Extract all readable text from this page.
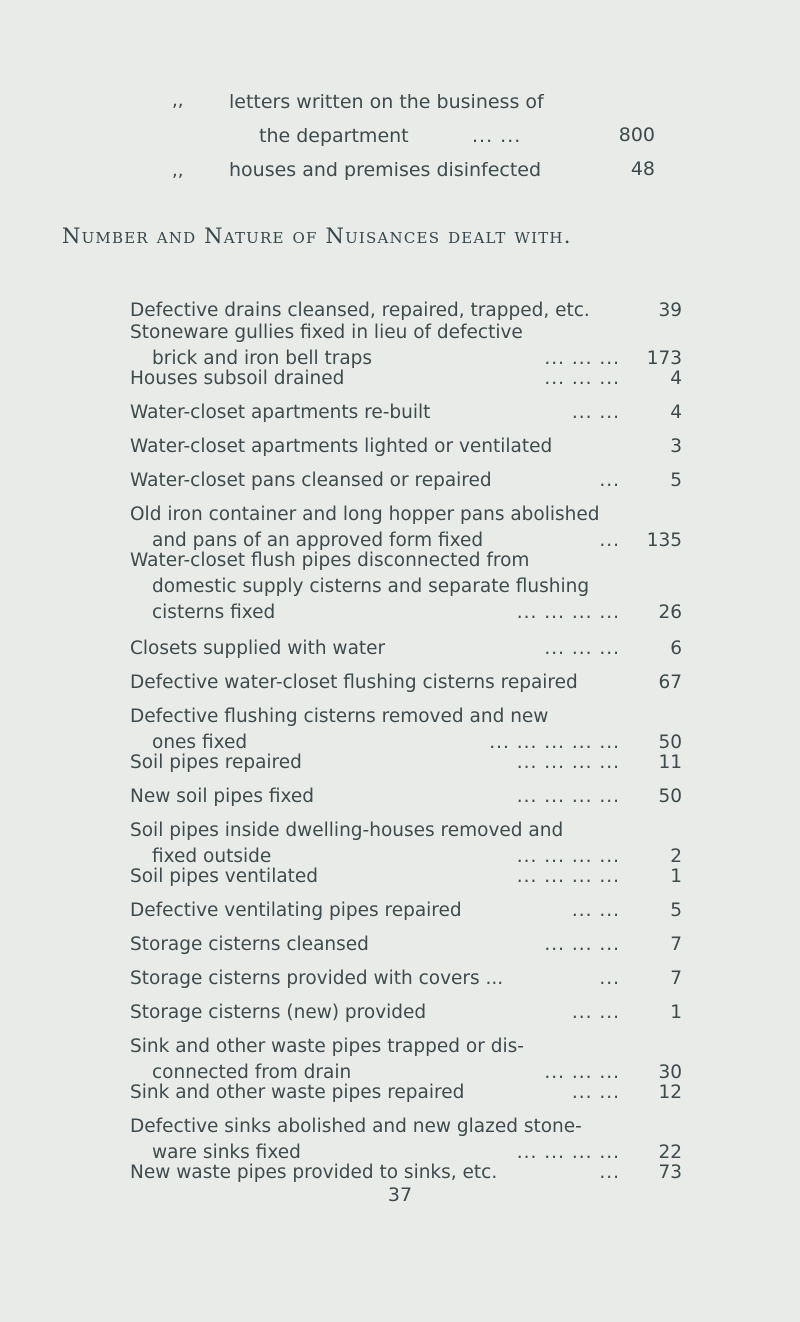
,, letters written on the business of
the department	... ...	800
,, houses and premises disinfected	48
Number and Nature of Nuisances dealt with.
Defective drains cleansed, repaired, trapped, etc.	39
Stoneware gullies fixed in lieu of defective
brick and iron bell traps	... ... ...	173
Houses subsoil drained	... ... ...	4
Water-closet apartments re-built	... ...	4
Water-closet apartments lighted or ventilated	3
Water-closet pans cleansed or repaired	...	5
Old iron container and long hopper pans abolished
and pans of an approved form fixed	...	135
Water-closet flush pipes disconnected from
domestic supply cisterns and separate flushing
cisterns fixed	... ... ... ...	26
Closets supplied with water	... ... ...	6
Defective water-closet flushing cisterns repaired	67
Defective flushing cisterns removed and new
ones fixed	... ... ... ... ...	50
Soil pipes repaired	... ... ... ...	11
New soil pipes fixed	... ... ... ...	50
Soil pipes inside dwelling-houses removed and
fixed outside	... ... ... ...	2
Soil pipes ventilated	... ... ... ...	1
Defective ventilating pipes repaired	... ...	5
Storage cisterns cleansed	... ... ...	7
Storage cisterns provided with covers ...	...	7
Storage cisterns (new) provided	... ...	1
Sink and other waste pipes trapped or dis-
connected from drain	... ... ...	30
Sink and other waste pipes repaired	... ...	12
Defective sinks abolished and new glazed stone-
ware sinks fixed	... ... ... ...	22
New waste pipes provided to sinks, etc.	...	73
37
